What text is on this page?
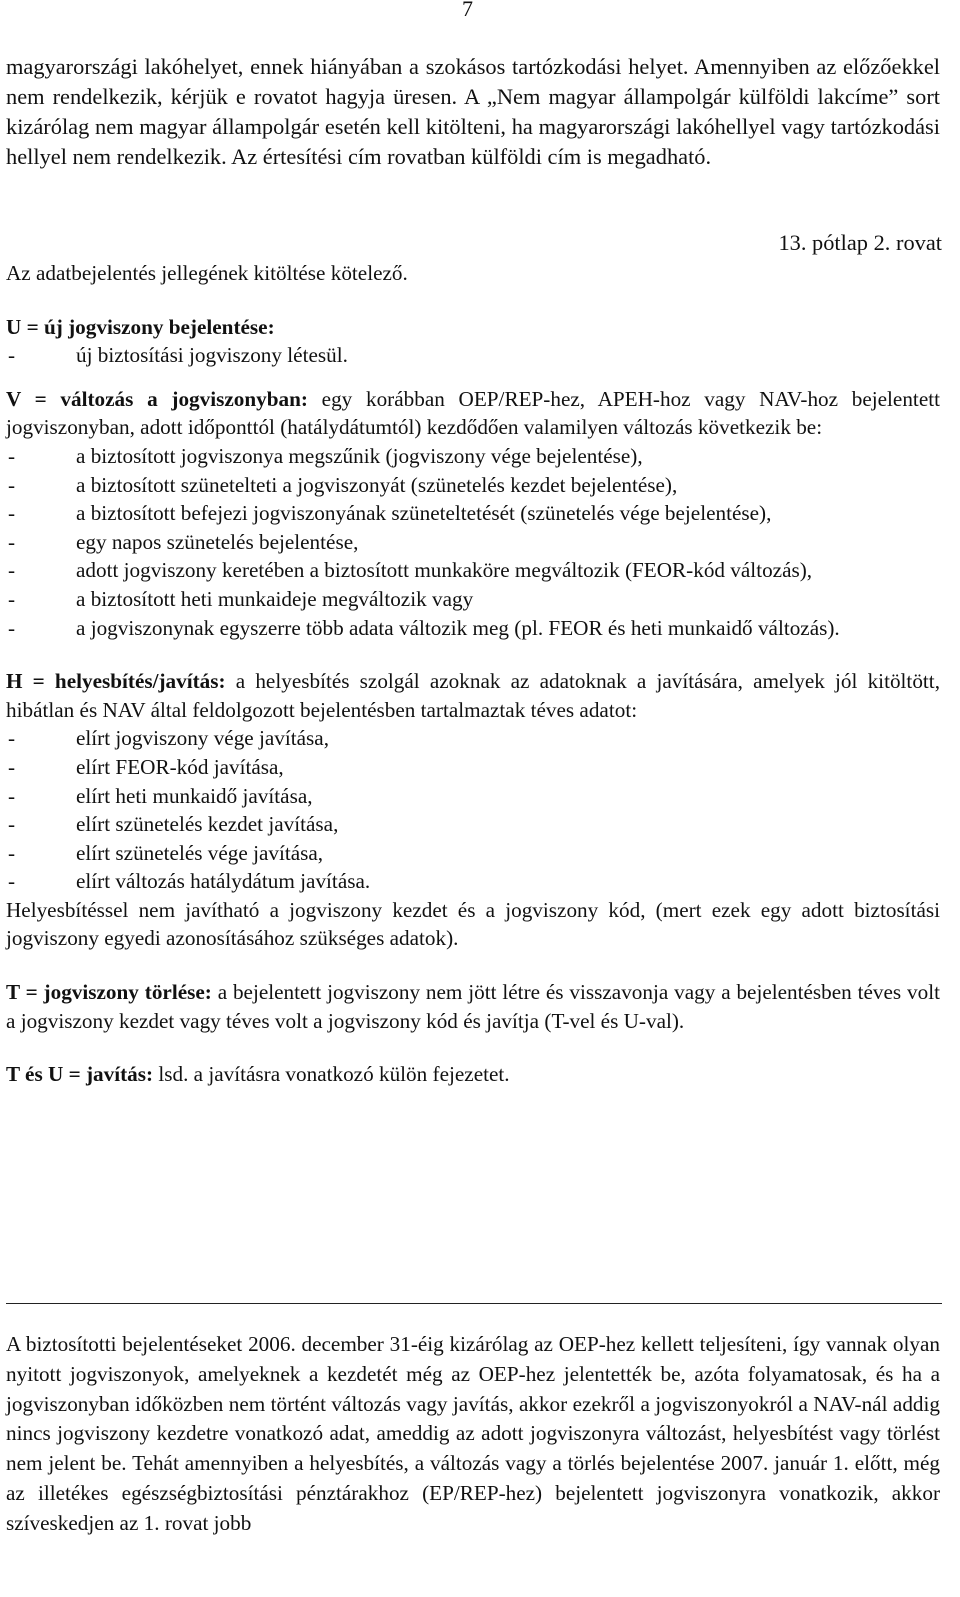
7

magyarországi lakóhelyet, ennek hiányában a szokásos tartózkodási helyet. Amennyiben az előzőekkel nem rendelkezik, kérjük e rovatot hagyja üresen. A „Nem magyar állampolgár külföldi lakcíme” sort kizárólag nem magyar állampolgár esetén kell kitölteni, ha magyarországi lakóhellyel vagy tartózkodási hellyel nem rendelkezik. Az értesítési cím rovatban külföldi cím is megadható.

13. pótlap 2. rovat

Az adatbejelentés jellegének kitöltése kötelező.

U = új jogviszony bejelentése:

- új biztosítási jogviszony létesül.

V = változás a jogviszonyban: egy korábban OEP/REP-hez, APEH-hoz vagy NAV-hoz bejelentett jogviszonyban, adott időponttól (hatálydátumtól) kezdődően valamilyen változás következik be:

- a biztosított jogviszonya megszűnik (jogviszony vége bejelentése),
- a biztosított szünetelteti a jogviszonyát (szünetelés kezdet bejelentése),
- a biztosított befejezi jogviszonyának szüneteltetését (szünetelés vége bejelentése),
- egy napos szünetelés bejelentése,
- adott jogviszony keretében a biztosított munkaköre megváltozik (FEOR-kód változás),
- a biztosított heti munkaideje megváltozik vagy
- a jogviszonynak egyszerre több adata változik meg (pl. FEOR és heti munkaidő változás).

H = helyesbítés/javítás: a helyesbítés szolgál azoknak az adatoknak a javítására, amelyek jól kitöltött, hibátlan és NAV által feldolgozott bejelentésben tartalmaztak téves adatot:

- elírt jogviszony vége javítása,
- elírt FEOR-kód javítása,
- elírt heti munkaidő javítása,
- elírt szünetelés kezdet javítása,
- elírt szünetelés vége javítása,
- elírt változás hatálydátum javítása.

Helyesbítéssel nem javítható a jogviszony kezdet és a jogviszony kód, (mert ezek egy adott biztosítási jogviszony egyedi azonosításához szükséges adatok).

T = jogviszony törlése: a bejelentett jogviszony nem jött létre és visszavonja vagy a bejelentésben téves volt a jogviszony kezdet vagy téves volt a jogviszony kód és javítja (T-vel és U-val).

T és U = javítás: lsd. a javításra vonatkozó külön fejezetet.

A biztosítotti bejelentéseket 2006. december 31-éig kizárólag az OEP-hez kellett teljesíteni, így vannak olyan nyitott jogviszonyok, amelyeknek a kezdetét még az OEP-hez jelentették be, azóta folyamatosak, és ha a jogviszonyban időközben nem történt változás vagy javítás, akkor ezekről a jogviszonyokról a NAV-nál addig nincs jogviszony kezdetre vonatkozó adat, ameddig az adott jogviszonyra változást, helyesbítést vagy törlést nem jelent be. Tehát amennyiben a helyesbítés, a változás vagy a törlés bejelentése 2007. január 1. előtt, még az illetékes egészségbiztosítási pénztárakhoz (EP/REP-hez) bejelentett jogviszonyra vonatkozik, akkor szíveskedjen az 1. rovat jobb
